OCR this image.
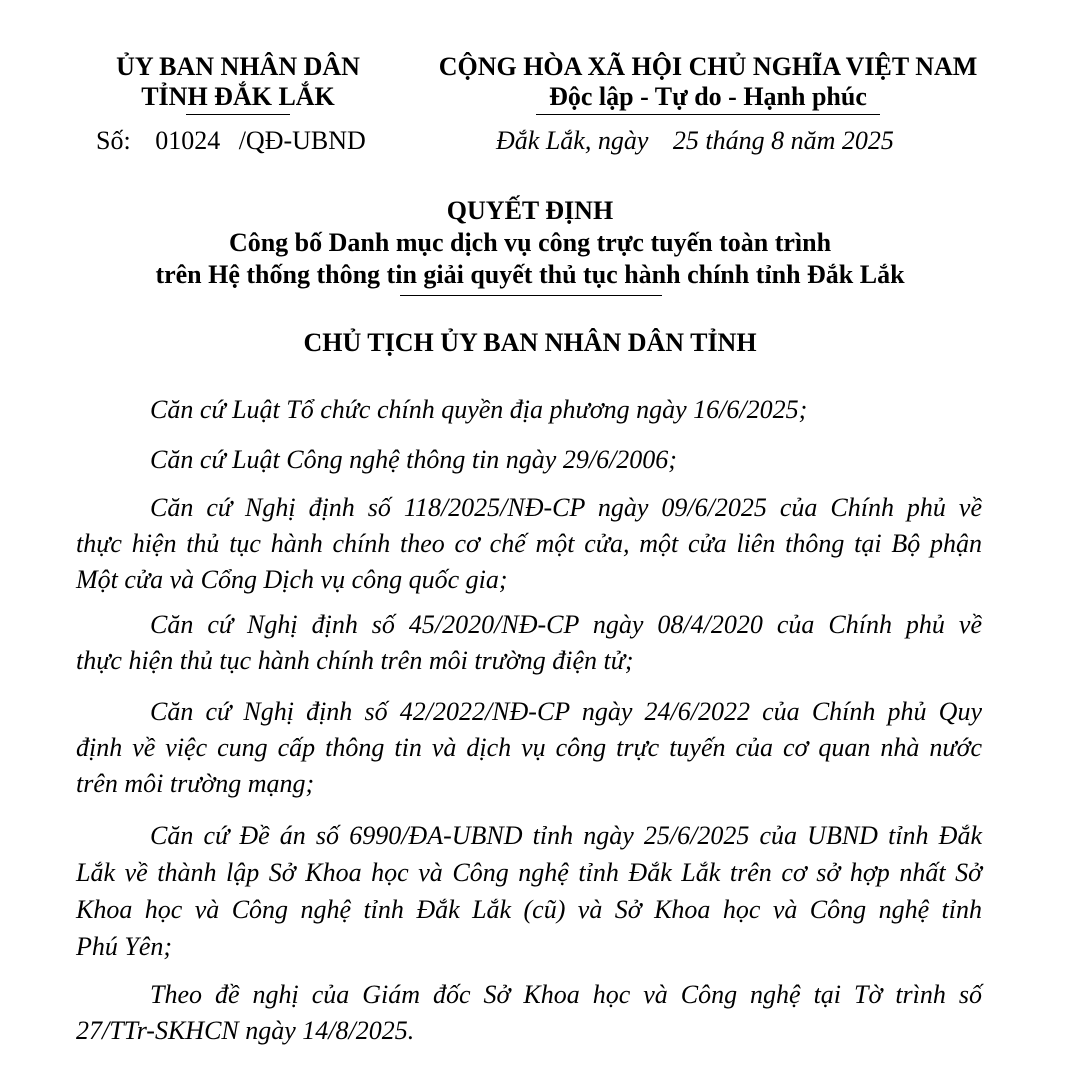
ỦY BAN NHÂN DÂN
TỈNH ĐẮK LẮK
Số: 01024 /QĐ-UBND
CỘNG HÒA XÃ HỘI CHỦ NGHĨA VIỆT NAM
Độc lập - Tự do - Hạnh phúc
Đắk Lắk, ngày 25 tháng 8 năm 2025
QUYẾT ĐỊNH
Công bố Danh mục dịch vụ công trực tuyến toàn trình
trên Hệ thống thông tin giải quyết thủ tục hành chính tỉnh Đắk Lắk
CHỦ TỊCH ỦY BAN NHÂN DÂN TỈNH
Căn cứ Luật Tổ chức chính quyền địa phương ngày 16/6/2025;
Căn cứ Luật Công nghệ thông tin ngày 29/6/2006;
Căn cứ Nghị định số 118/2025/NĐ-CP ngày 09/6/2025 của Chính phủ về
thực hiện thủ tục hành chính theo cơ chế một cửa, một cửa liên thông tại Bộ phận
Một cửa và Cổng Dịch vụ công quốc gia;
Căn cứ Nghị định số 45/2020/NĐ-CP ngày 08/4/2020 của Chính phủ về
thực hiện thủ tục hành chính trên môi trường điện tử;
Căn cứ Nghị định số 42/2022/NĐ-CP ngày 24/6/2022 của Chính phủ Quy
định về việc cung cấp thông tin và dịch vụ công trực tuyến của cơ quan nhà nước
trên môi trường mạng;
Căn cứ Đề án số 6990/ĐA-UBND tỉnh ngày 25/6/2025 của UBND tỉnh Đắk
Lắk về thành lập Sở Khoa học và Công nghệ tỉnh Đắk Lắk trên cơ sở hợp nhất Sở
Khoa học và Công nghệ tỉnh Đắk Lắk (cũ) và Sở Khoa học và Công nghệ tỉnh
Phú Yên;
Theo đề nghị của Giám đốc Sở Khoa học và Công nghệ tại Tờ trình số
27/TTr-SKHCN ngày 14/8/2025.
